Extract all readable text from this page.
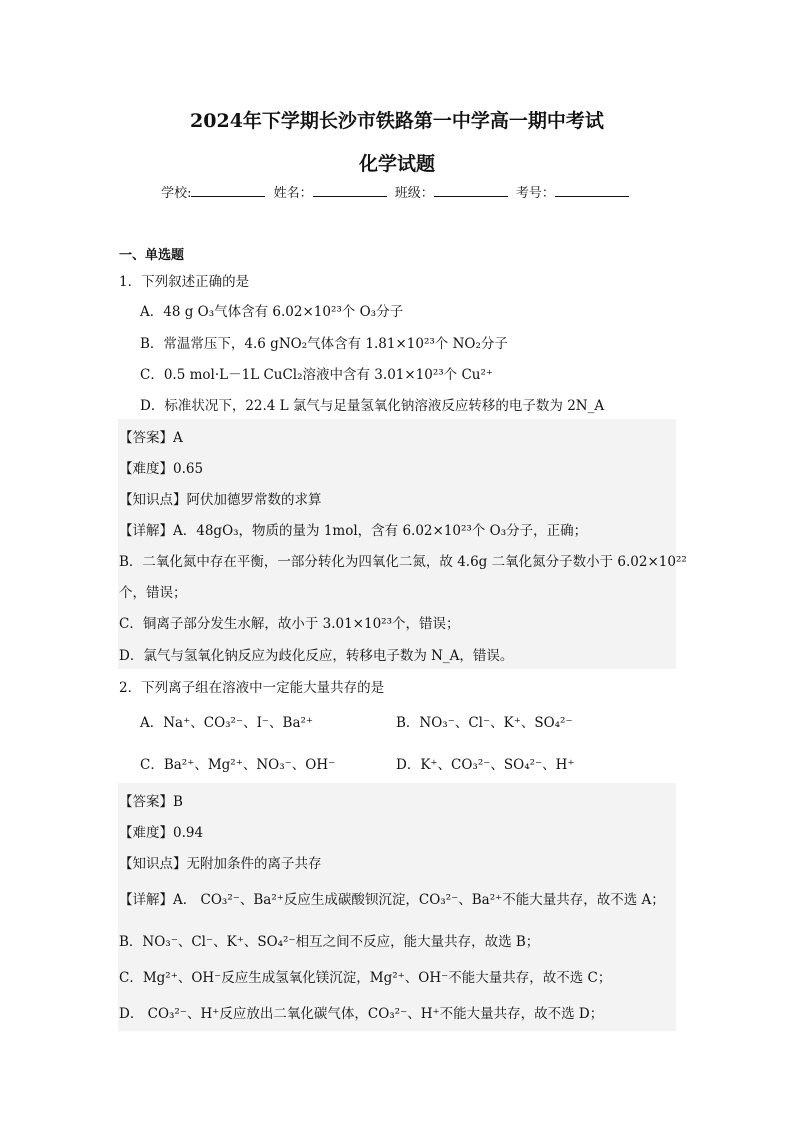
2024年下学期长沙市铁路第一中学高一期中考试
化学试题
学校:	姓名：	班级：	考号：
一、单选题
1．下列叙述正确的是
A．48 g O₃气体含有 6.02×10²³个 O₃分子
B．常温常压下，4.6 gNO₂气体含有 1.81×10²³个 NO₂分子
C．0.5 mol·L－1L CuCl₂溶液中含有 3.01×10²³个 Cu²⁺
D．标准状况下，22.4 L 氯气与足量氢氧化钠溶液反应转移的电子数为 2N_A
【答案】A
【难度】0.65
【知识点】阿伏加德罗常数的求算
【详解】A．48gO₃，物质的量为 1mol，含有 6.02×10²³个 O₃分子，正确；
B．二氧化氮中存在平衡，一部分转化为四氧化二氮，故 4.6g 二氧化氮分子数小于 6.02×10²²
个，错误；
C．铜离子部分发生水解，故小于 3.01×10²³个，错误；
D．氯气与氢氧化钠反应为歧化反应，转移电子数为 N_A，错误。
2．下列离子组在溶液中一定能大量共存的是
A．Na⁺、CO₃²⁻、I⁻、Ba²⁺	B．NO₃⁻、Cl⁻、K⁺、SO₄²⁻
C．Ba²⁺、Mg²⁺、NO₃⁻、OH⁻	D．K⁺、CO₃²⁻、SO₄²⁻、H⁺
【答案】B
【难度】0.94
【知识点】无附加条件的离子共存
【详解】A． CO₃²⁻、Ba²⁺反应生成碳酸钡沉淀，CO₃²⁻、Ba²⁺不能大量共存，故不选 A；
B．NO₃⁻、Cl⁻、K⁺、SO₄²⁻相互之间不反应，能大量共存，故选 B；
C．Mg²⁺、OH⁻反应生成氢氧化镁沉淀，Mg²⁺、OH⁻不能大量共存，故不选 C；
D． CO₃²⁻、H⁺反应放出二氧化碳气体，CO₃²⁻、H⁺不能大量共存，故不选 D；
